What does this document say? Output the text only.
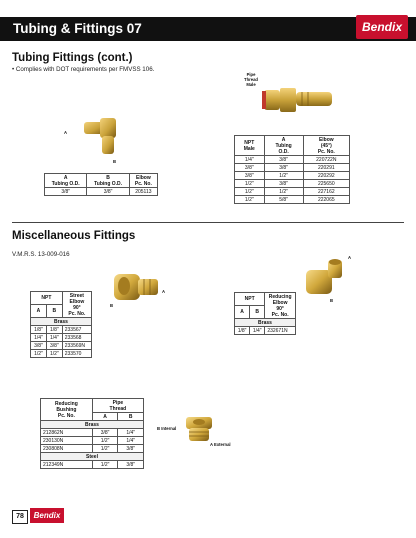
Tubing & Fittings 07	Bendix
Tubing Fittings (cont.)
• Complies with DOT requirements per FMVSS 106.
Pipe
Thread
Male
A
B
A
Tubing O.D.	B
Tubing O.D.	Elbow
Pc. No.
3/8"	3/8"	205113
NPT
Male	A
Tubing
O.D.	Elbow
(45°)
Pc. No.
1/4"	3/8"	220722N
3/8"	3/8"	220291
3/8"	1/2"	220292
1/2"	3/8"	225650
1/2"	1/2"	227162
1/2"	5/8"	222065
Miscellaneous Fittings
V.M.R.S. 13-009-016
B
A
A
B
NPT		Street
Elbow
90°
Pc. No.
A	B	
Brass		
1/8"	1/8"	233567
1/4"	1/4"	233568
3/8"	3/8"	233569N
1/2"	1/2"	233570
NPT		Reducing
Elbow
90°
Pc. No.
A	B	
Brass		
1/8"	1/4"	232671N
Reducing
Bushing
Pc. No.	Pipe
Thread	
	A	B
Brass		
212862N	3/8"	1/4"
230130N	1/2"	1/4"
230808N	1/2"	3/8"
Steel		
212349N	1/2"	3/8"
B Internal
A External
78	Bendix
